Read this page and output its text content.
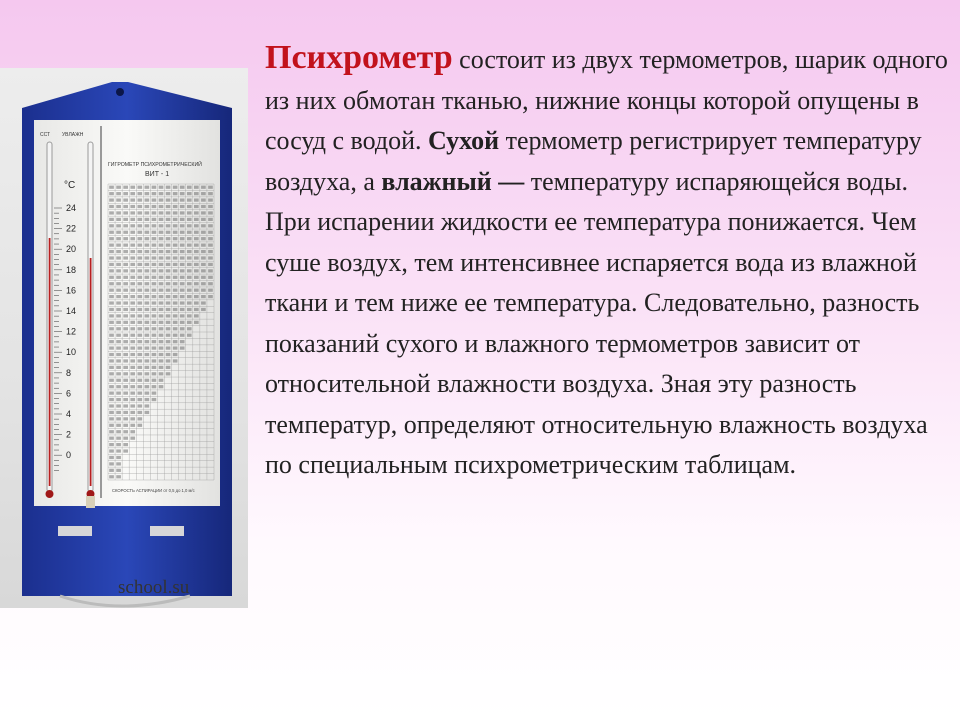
ССТ УВЛАЖН
°C
24
22
20
18
16
14
12
10
8
6
4
2
0
ГИГРОМЕТР ПСИХРОМЕТРИЧЕСКИЙ
ВИТ - 1
СКОРОСТЬ АСПИРАЦИИ от 0,5 до 1,0 м/с
school.su
Психрометр состоит из двух термометров, шарик одного из них обмотан тканью, нижние концы которой опущены в сосуд с водой. Сухой термометр регистрирует температуру воздуха, а влажный — температуру испаряющейся воды. При испарении жидкости ее температура понижается. Чем суше воздух, тем интенсивнее испаряется вода из влажной ткани и тем ниже ее температура. Следовательно, разность показаний сухого и влажного термометров зависит от относительной влажности воздуха. Зная эту разность температур, определяют относительную влажность воздуха по специальным психрометрическим таблицам.
